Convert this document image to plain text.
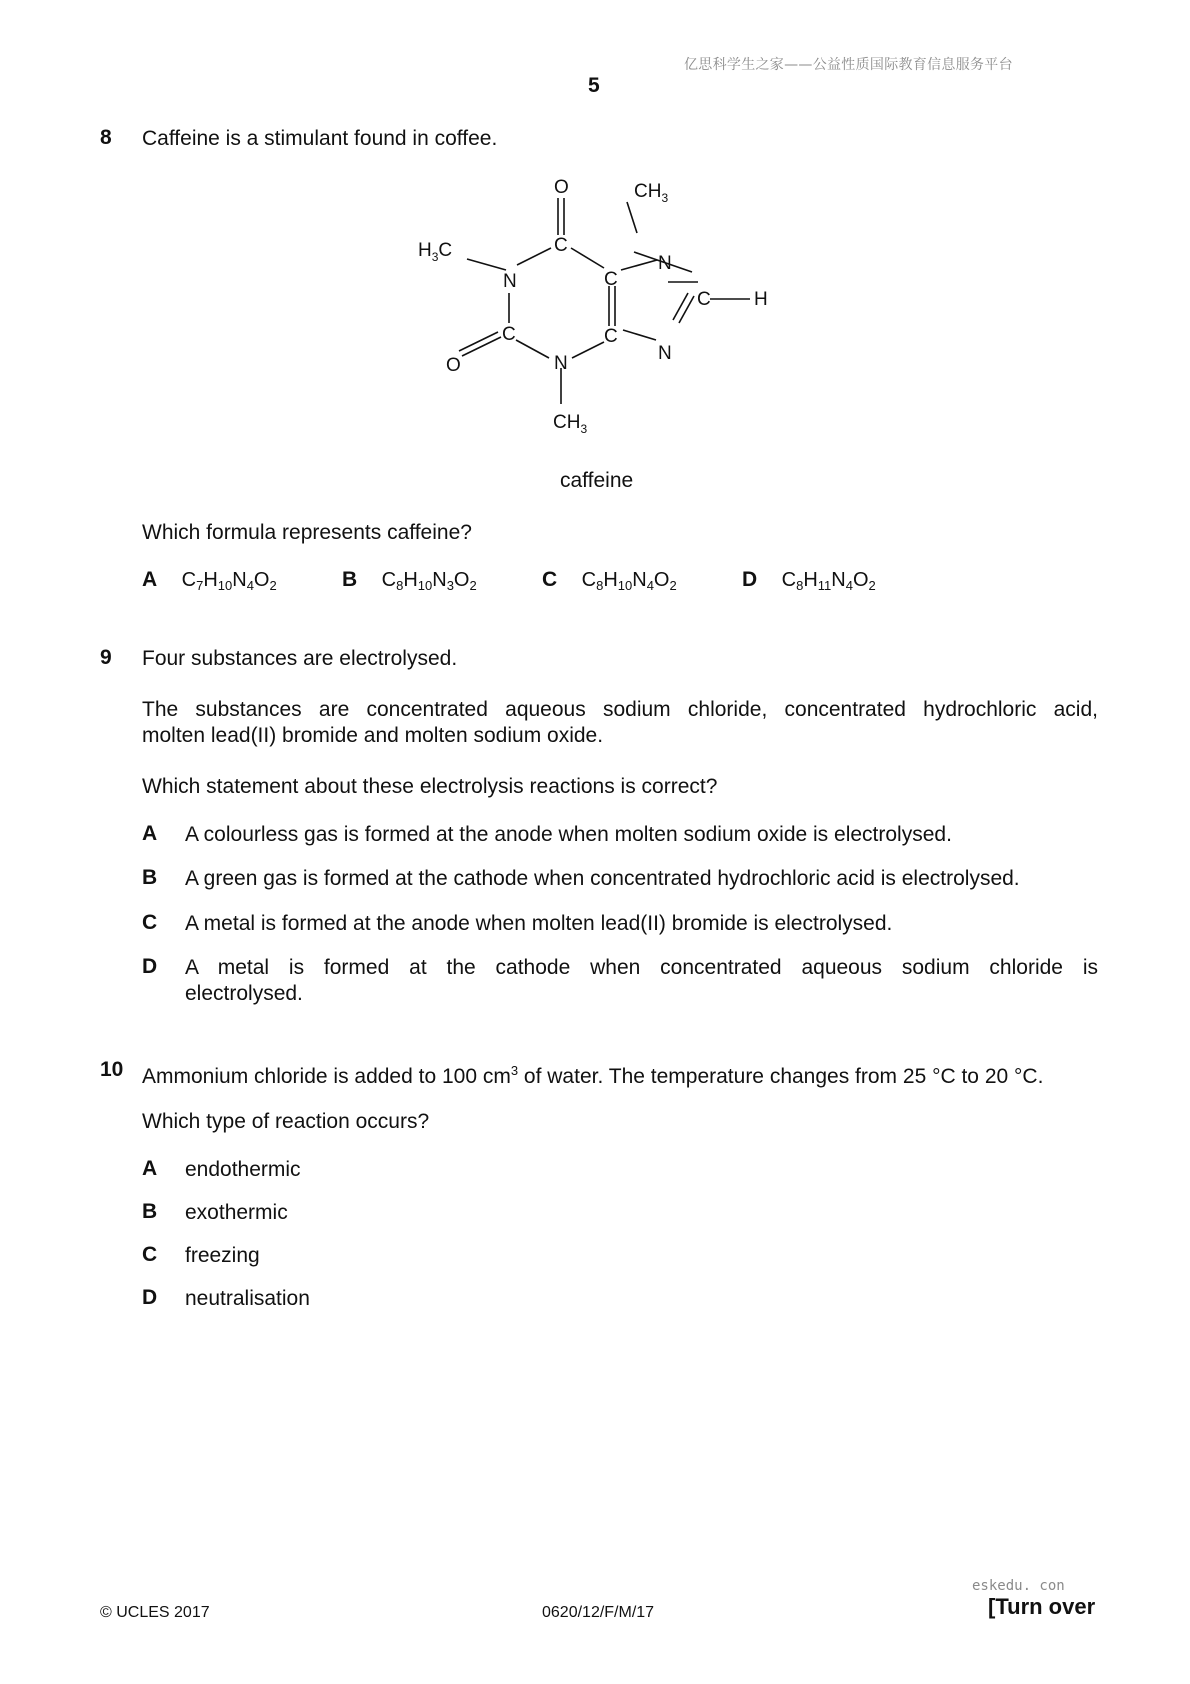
亿思科学生之家——公益性质国际教育信息服务平台
5
8 Caffeine is a stimulant found in coffee.
O
C
N
C
O	N
C
C
N
C
N
H
$H_3C$
$CH_3$
$CH_3$
caffeine
Which formula represents caffeine?
A $C_7H_{10}N_4O_2$	B $C_8H_{10}N_3O_2$	C $C_8H_{10}N_4O_2$	D $C_8H_{11}N_4O_2$
9 Four substances are electrolysed.
The substances are concentrated aqueous sodium chloride, concentrated hydrochloric acid,
molten lead(II) bromide and molten sodium oxide.
Which statement about these electrolysis reactions is correct?
A A colourless gas is formed at the anode when molten sodium oxide is electrolysed.
B A green gas is formed at the cathode when concentrated hydrochloric acid is electrolysed.
C A metal is formed at the anode when molten lead(II) bromide is electrolysed.
D A metal is formed at the cathode when concentrated aqueous sodium chloride is
electrolysed.
10 Ammonium chloride is added to 100 $cm^3$ of water. The temperature changes from 25 °C to 20 °C.
Which type of reaction occurs?
A endothermic
B exothermic
C freezing
D neutralisation
eskedu. con
© UCLES 2017	0620/12/F/M/17	[Turn over
